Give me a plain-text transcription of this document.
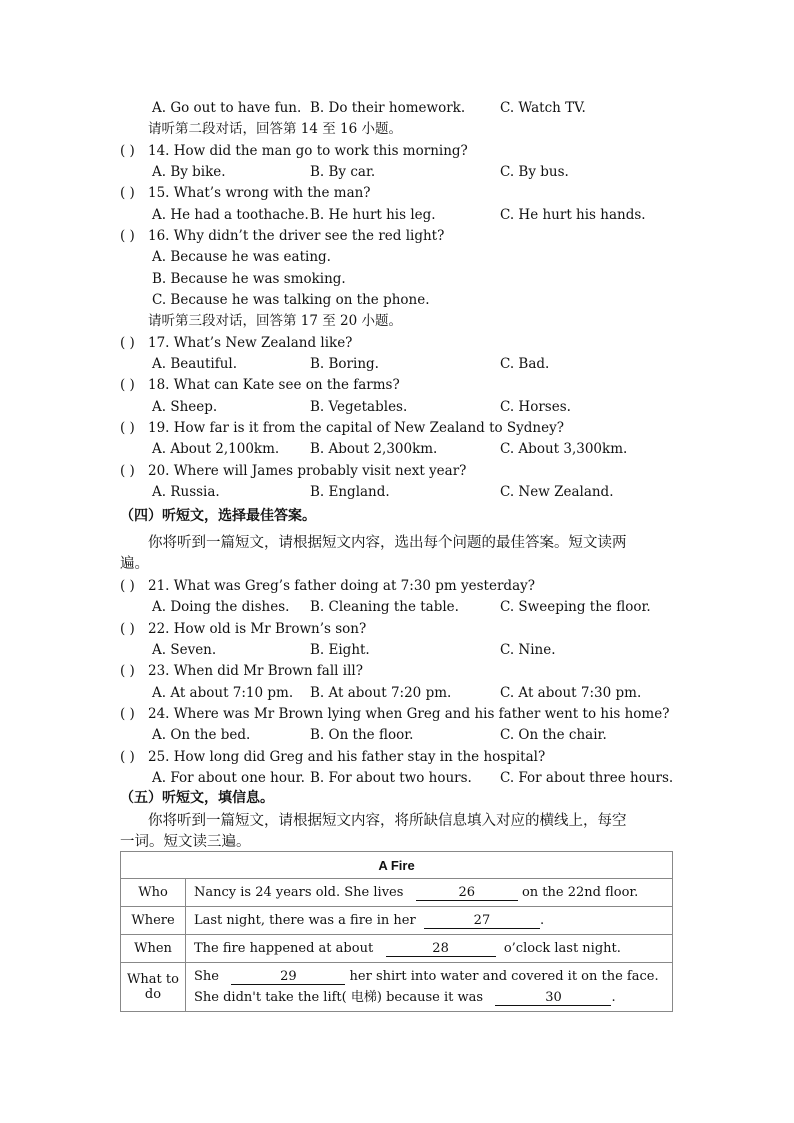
A. Go out to have fun. B. Do their homework.	C. Watch TV.
请听第二段对话，回答第 14 至 16 小题。
( ) 14. How did the man go to work this morning?
A. By bike.	B. By car.	C. By bus.
( ) 15. What’s wrong with the man?
A. He had a toothache. B. He hurt his leg.	C. He hurt his hands.
( ) 16. Why didn’t the driver see the red light?
A. Because he was eating.
B. Because he was smoking.
C. Because he was talking on the phone.
请听第三段对话，回答第 17 至 20 小题。
( ) 17. What’s New Zealand like?
A. Beautiful.	B. Boring.	C. Bad.
( ) 18. What can Kate see on the farms?
A. Sheep.	B. Vegetables.	C. Horses.
( ) 19. How far is it from the capital of New Zealand to Sydney?
A. About 2,100km. B. About 2,300km.	C. About 3,300km.
( ) 20. Where will James probably visit next year?
A. Russia.	B. England.	C. New Zealand.
（四）听短文，选择最佳答案。
你将听到一篇短文，请根据短文内容，选出每个问题的最佳答案。短文读两
遍。
( ) 21. What was Greg’s father doing at 7:30 pm yesterday?
A. Doing the dishes. B. Cleaning the table.	C. Sweeping the floor.
( ) 22. How old is Mr Brown’s son?
A. Seven.	B. Eight.	C. Nine.
( ) 23. When did Mr Brown fall ill?
A. At about 7:10 pm. B. At about 7:20 pm.	C. At about 7:30 pm.
( ) 24. Where was Mr Brown lying when Greg and his father went to his home?
A. On the bed.	B. On the floor.	C. On the chair.
( ) 25. How long did Greg and his father stay in the hospital?
A. For about one hour. B. For about two hours. C. For about three hours.
（五）听短文，填信息。
你将听到一篇短文，请根据短文内容，将所缺信息填入对应的横线上，每空
一词。短文读三遍。
A Fire	
Who	Nancy is 24 years old. She lives 26 on the 22nd floor.
Where	Last night, there was a fire in her 27 .
When	The fire happened at about 28 o’clock last night.
What to do	She 29 her shirt into water and covered it on the face.
She didn't take the lift( 电梯) because it was 30 .
